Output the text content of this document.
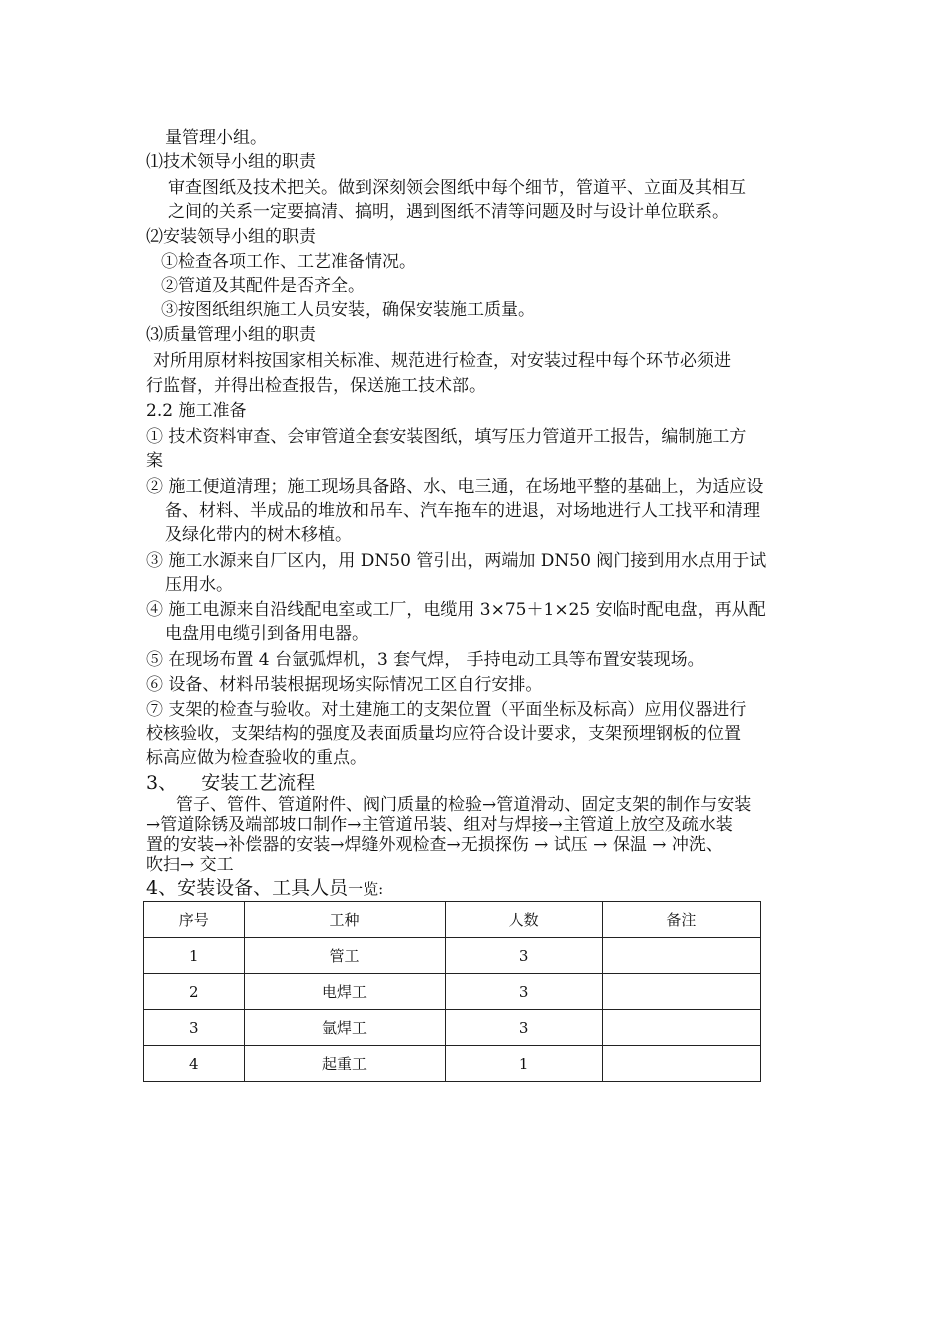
量管理小组。
⑴技术领导小组的职责
审查图纸及技术把关。做到深刻领会图纸中每个细节，管道平、立面及其相互
之间的关系一定要搞清、搞明，遇到图纸不清等问题及时与设计单位联系。
⑵安装领导小组的职责
①检查各项工作、工艺准备情况。
②管道及其配件是否齐全。
③按图纸组织施工人员安装，确保安装施工质量。
⑶质量管理小组的职责
对所用原材料按国家相关标准、规范进行检查，对安装过程中每个环节必须进
行监督，并得出检查报告，保送施工技术部。
2.2 施工准备
① 技术资料审查、会审管道全套安装图纸，填写压力管道开工报告，编制施工方
案
② 施工便道清理；施工现场具备路、水、电三通，在场地平整的基础上，为适应设
备、材料、半成品的堆放和吊车、汽车拖车的进退，对场地进行人工找平和清理
及绿化带内的树木移植。
③ 施工水源来自厂区内，用 DN50 管引出，两端加 DN50 阀门接到用水点用于试
压用水。
④ 施工电源来自沿线配电室或工厂，电缆用 3×75＋1×25 安临时配电盘，再从配
电盘用电缆引到备用电器。
⑤ 在现场布置 4 台氩弧焊机，3 套气焊， 手持电动工具等布置安装现场。
⑥ 设备、材料吊装根据现场实际情况工区自行安排。
⑦ 支架的检查与验收。对土建施工的支架位置（平面坐标及标高）应用仪器进行
校核验收，支架结构的强度及表面质量均应符合设计要求，支架预埋钢板的位置
标高应做为检查验收的重点。
3、    安装工艺流程
管子、管件、管道附件、阀门质量的检验→管道滑动、固定支架的制作与安装
→管道除锈及端部坡口制作→主管道吊装、组对与焊接→主管道上放空及疏水装
置的安装→补偿器的安装→焊缝外观检查→无损探伤 → 试压 → 保温 → 冲洗、
吹扫→ 交工
4、安装设备、工具人员一览:
序号	工种	人数	备注
1	管工	3	
2	电焊工	3	
3	氩焊工	3	
4	起重工	1	
